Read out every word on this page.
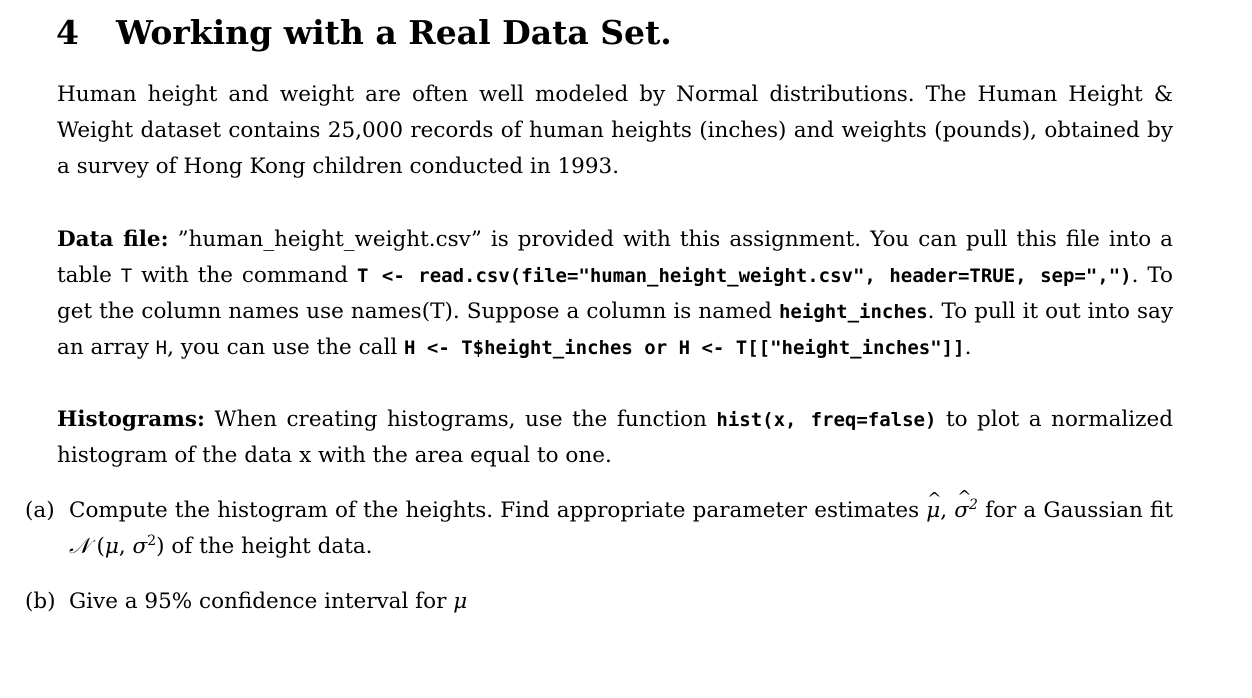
4 Working with a Real Data Set.

Human height and weight are often well modeled by Normal distributions. The Human Height & Weight dataset contains 25,000 records of human heights (inches) and weights (pounds), obtained by a survey of Hong Kong children conducted in 1993.

Data file: ”human_height_weight.csv” is provided with this assignment. You can pull this file into a table T with the command T <- read.csv(file="human_height_weight.csv", header=TRUE, sep=","). To get the column names use names(T). Suppose a column is named height_inches. To pull it out into say an array H, you can use the call H <- T$height_inches or H <- T[["height_inches"]].

Histograms: When creating histograms, use the function hist(x, freq=false) to plot a normalized histogram of the data x with the area equal to one.

(a) Compute the histogram of the heights. Find appropriate parameter estimates ^ μ, ^ $\sigma^2$ for a Gaussian fit 𝒩 (μ, $\sigma^2$) of the height data.
(b) Give a 95% confidence interval for μ
